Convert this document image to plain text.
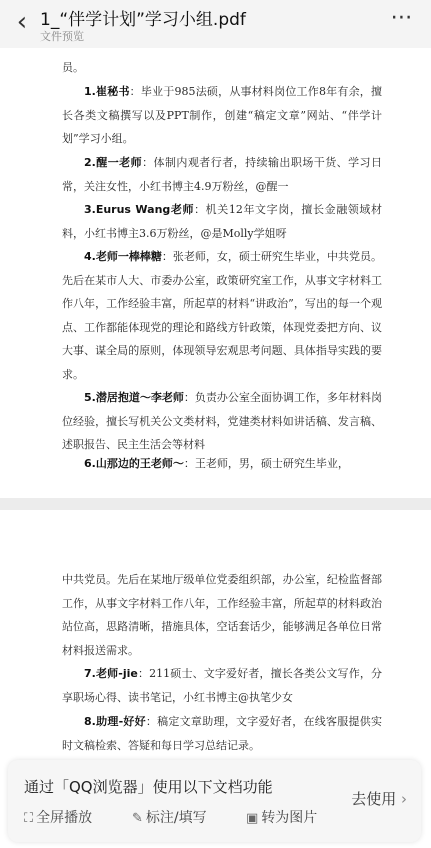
‹ 1_“伴学计划”学习小组.pdf
文件预览
⋯

员。

1.崔秘书：毕业于985法硕，从事材料岗位工作8年有余，擅长各类文稿撰写以及PPT制作，创建“稿定文章”网站、“伴学计划”学习小组。

2.醒一老师：体制内观者行者，持续输出职场干货、学习日常，关注女性，小红书博主4.9万粉丝，@醒一

3.Eurus Wang老师：机关12年文字岗，擅长金融领域材料，小红书博主3.6万粉丝，@是Molly学姐呀

4.老师一棒棒糖：张老师，女，硕士研究生毕业，中共党员。先后在某市人大、市委办公室，政策研究室工作，从事文字材料工作八年，工作经验丰富，所起草的材料“讲政治”，写出的每一个观点、工作都能体现党的理论和路线方针政策，体现党委把方向、议大事、谋全局的原则，体现领导宏观思考问题、具体指导实践的要求。

5.潜居抱道～李老师：负责办公室全面协调工作，多年材料岗位经验，擅长写机关公文类材料，党建类材料如讲话稿、发言稿、述职报告、民主生活会等材料

6.山那边的王老师～：王老师，男，硕士研究生毕业，

中共党员。先后在某地厅级单位党委组织部，办公室，纪检监督部工作，从事文字材料工作八年，工作经验丰富，所起草的材料政治站位高，思路清晰，措施具体，空话套话少，能够满足各单位日常材料报送需求。

7.老师-jie：211硕士、文字爱好者，擅长各类公文写作，分享职场心得、读书笔记，小红书博主@执笔少女

8.助理-好好：稿定文章助理，文字爱好者，在线客服提供实时文稿检索、答疑和每日学习总结记录。

通过「QQ浏览器」使用以下文档功能
⛶ 全屏播放	✎ 标注/填写	▣ 转为图片
去使用 ›
